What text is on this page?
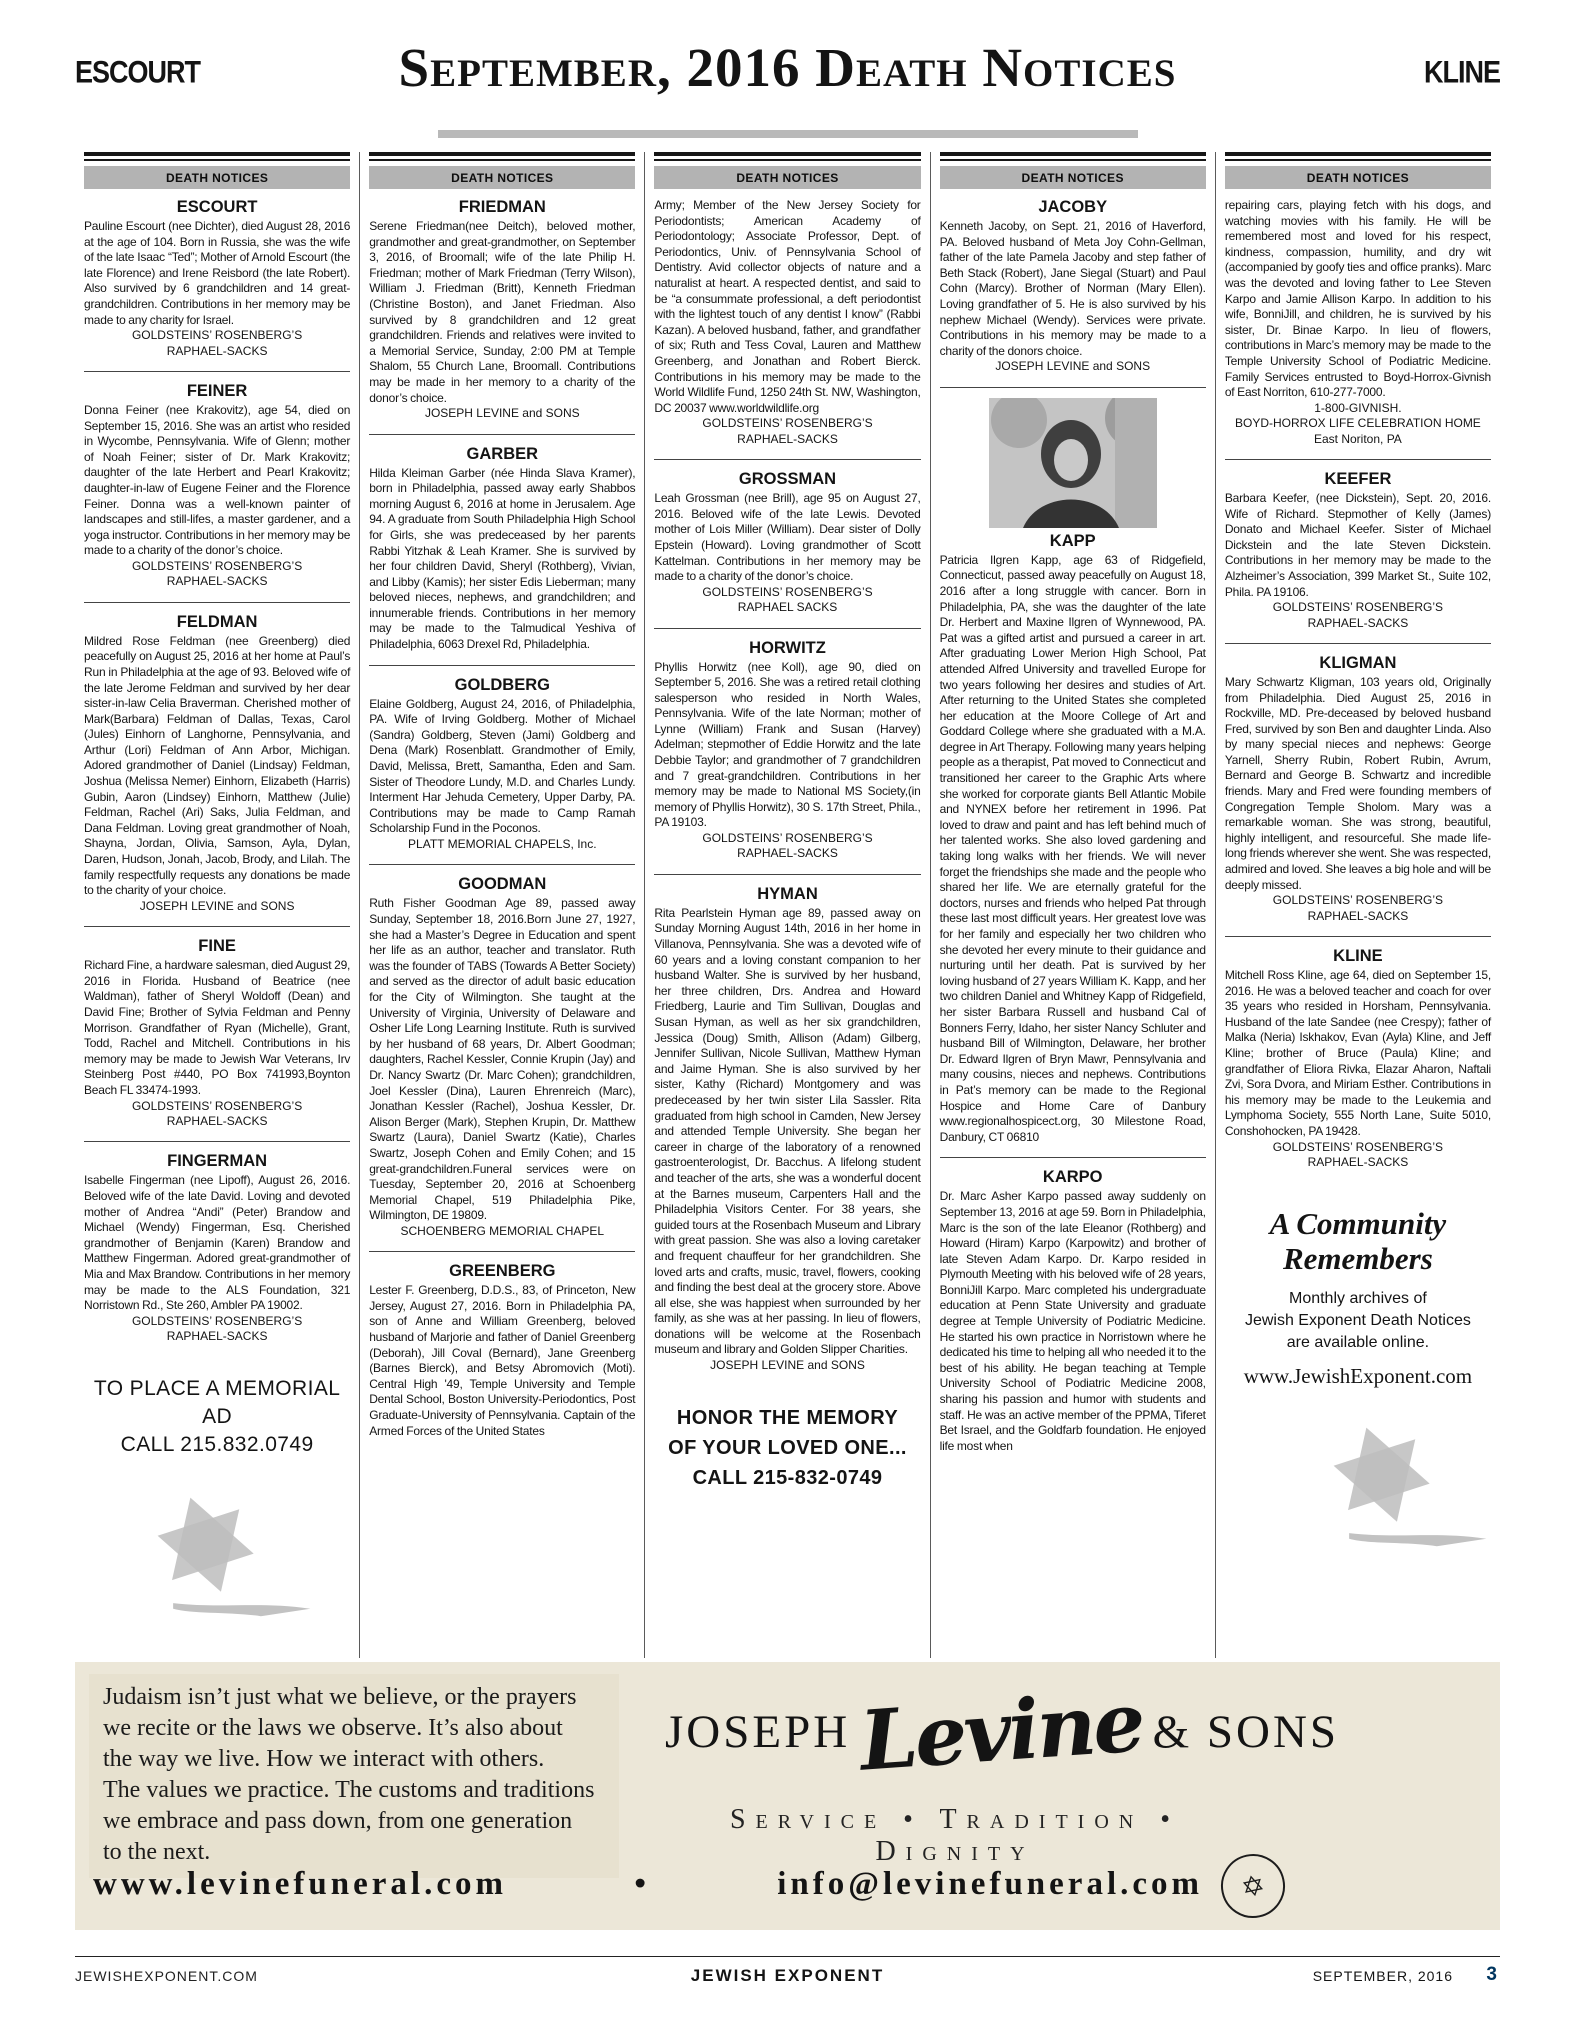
ESCOURT	September, 2016 Death Notices	KLINE
DEATH NOTICES
ESCOURT
Pauline Escourt (nee Dichter), died August 28, 2016 at the age of 104. Born in Russia, she was the wife of the late Isaac “Ted”; Mother of Arnold Escourt (the late Florence) and Irene Reisbord (the late Robert). Also survived by 6 grandchildren and 14 great-grandchildren. Contributions in her memory may be made to any charity for Israel.
GOLDSTEINS’ ROSENBERG’S
RAPHAEL-SACKS
FEINER
Donna Feiner (nee Krakovitz), age 54, died on September 15, 2016. She was an artist who resided in Wycombe, Pennsylvania. Wife of Glenn; mother of Noah Feiner; sister of Dr. Mark Krakovitz; daughter of the late Herbert and Pearl Krakovitz; daughter-in-law of Eugene Feiner and the Florence Feiner. Donna was a well-known painter of landscapes and still-lifes, a master gardener, and a yoga instructor. Contributions in her memory may be made to a charity of the donor’s choice.
GOLDSTEINS’ ROSENBERG’S
RAPHAEL-SACKS
FELDMAN
Mildred Rose Feldman (nee Greenberg) died peacefully on August 25, 2016 at her home at Paul’s Run in Philadelphia at the age of 93. Beloved wife of the late Jerome Feldman and survived by her dear sister-in-law Celia Braverman. Cherished mother of Mark(Barbara) Feldman of Dallas, Texas, Carol (Jules) Einhorn of Langhorne, Pennsylvania, and Arthur (Lori) Feldman of Ann Arbor, Michigan. Adored grandmother of Daniel (Lindsay) Feldman, Joshua (Melissa Nemer) Einhorn, Elizabeth (Harris) Gubin, Aaron (Lindsey) Einhorn, Matthew (Julie) Feldman, Rachel (Ari) Saks, Julia Feldman, and Dana Feldman. Loving great grandmother of Noah, Shayna, Jordan, Olivia, Samson, Ayla, Dylan, Daren, Hudson, Jonah, Jacob, Brody, and Lilah. The family respectfully requests any donations be made to the charity of your choice.
JOSEPH LEVINE and SONS
FINE
Richard Fine, a hardware salesman, died August 29, 2016 in Florida. Husband of Beatrice (nee Waldman), father of Sheryl Woldoff (Dean) and David Fine; Brother of Sylvia Feldman and Penny Morrison. Grandfather of Ryan (Michelle), Grant, Todd, Rachel and Mitchell. Contributions in his memory may be made to Jewish War Veterans, Irv Steinberg Post #440, PO Box 741993,Boynton Beach FL 33474-1993.
GOLDSTEINS’ ROSENBERG’S
RAPHAEL-SACKS
FINGERMAN
Isabelle Fingerman (nee Lipoff), August 26, 2016. Beloved wife of the late David. Loving and devoted mother of Andrea “Andi” (Peter) Brandow and Michael (Wendy) Fingerman, Esq. Cherished grandmother of Benjamin (Karen) Brandow and Matthew Fingerman. Adored great-grandmother of Mia and Max Brandow. Contributions in her memory may be made to the ALS Foundation, 321 Norristown Rd., Ste 260, Ambler PA 19002.
GOLDSTEINS’ ROSENBERG’S
RAPHAEL-SACKS
TO PLACE A MEMORIAL AD
CALL 215.832.0749
DEATH NOTICES
FRIEDMAN
Serene Friedman(nee Deitch), beloved mother, grandmother and great-grandmother, on September 3, 2016, of Broomall; wife of the late Philip H. Friedman; mother of Mark Friedman (Terry Wilson), William J. Friedman (Britt), Kenneth Friedman (Christine Boston), and Janet Friedman. Also survived by 8 grandchildren and 12 great grandchildren. Friends and relatives were invited to a Memorial Service, Sunday, 2:00 PM at Temple Shalom, 55 Church Lane, Broomall. Contributions may be made in her memory to a charity of the donor’s choice.
JOSEPH LEVINE and SONS
GARBER
Hilda Kleiman Garber (née Hinda Slava Kramer), born in Philadelphia, passed away early Shabbos morning August 6, 2016 at home in Jerusalem. Age 94. A graduate from South Philadelphia High School for Girls, she was predeceased by her parents Rabbi Yitzhak & Leah Kramer. She is survived by her four children David, Sheryl (Rothberg), Vivian, and Libby (Kamis); her sister Edis Lieberman; many beloved nieces, nephews, and grandchildren; and innumerable friends. Contributions in her memory may be made to the Talmudical Yeshiva of Philadelphia, 6063 Drexel Rd, Philadelphia.
GOLDBERG
Elaine Goldberg, August 24, 2016, of Philadelphia, PA. Wife of Irving Goldberg. Mother of Michael (Sandra) Goldberg, Steven (Jami) Goldberg and Dena (Mark) Rosenblatt. Grandmother of Emily, David, Melissa, Brett, Samantha, Eden and Sam. Sister of Theodore Lundy, M.D. and Charles Lundy. Interment Har Jehuda Cemetery, Upper Darby, PA. Contributions may be made to Camp Ramah Scholarship Fund in the Poconos.
PLATT MEMORIAL CHAPELS, Inc.
GOODMAN
Ruth Fisher Goodman Age 89, passed away Sunday, September 18, 2016.Born June 27, 1927, she had a Master’s Degree in Education and spent her life as an author, teacher and translator. Ruth was the founder of TABS (Towards A Better Society) and served as the director of adult basic education for the City of Wilmington. She taught at the University of Virginia, University of Delaware and Osher Life Long Learning Institute. Ruth is survived by her husband of 68 years, Dr. Albert Goodman; daughters, Rachel Kessler, Connie Krupin (Jay) and Dr. Nancy Swartz (Dr. Marc Cohen); grandchildren, Joel Kessler (Dina), Lauren Ehrenreich (Marc), Jonathan Kessler (Rachel), Joshua Kessler, Dr. Alison Berger (Mark), Stephen Krupin, Dr. Matthew Swartz (Laura), Daniel Swartz (Katie), Charles Swartz, Joseph Cohen and Emily Cohen; and 15 great-grandchildren.Funeral services were on Tuesday, September 20, 2016 at Schoenberg Memorial Chapel, 519 Philadelphia Pike, Wilmington, DE 19809.
SCHOENBERG MEMORIAL CHAPEL
GREENBERG
Lester F. Greenberg, D.D.S., 83, of Princeton, New Jersey, August 27, 2016. Born in Philadelphia PA, son of Anne and William Greenberg, beloved husband of Marjorie and father of Daniel Greenberg (Deborah), Jill Coval (Bernard), Jane Greenberg (Barnes Bierck), and Betsy Abromovich (Moti). Central High '49, Temple University and Temple Dental School, Boston University-Periodontics, Post Graduate-University of Pennsylvania. Captain of the Armed Forces of the United States
DEATH NOTICES
Army; Member of the New Jersey Society for Periodontists; American Academy of Periodontology; Associate Professor, Dept. of Periodontics, Univ. of Pennsylvania School of Dentistry. Avid collector objects of nature and a naturalist at heart. A respected dentist, and said to be “a consummate professional, a deft periodontist with the lightest touch of any dentist I know” (Rabbi Kazan). A beloved husband, father, and grandfather of six; Ruth and Tess Coval, Lauren and Matthew Greenberg, and Jonathan and Robert Bierck. Contributions in his memory may be made to the World Wildlife Fund, 1250 24th St. NW, Washington, DC 20037 www.worldwildlife.org
GOLDSTEINS’ ROSENBERG’S
RAPHAEL-SACKS
GROSSMAN
Leah Grossman (nee Brill), age 95 on August 27, 2016. Beloved wife of the late Lewis. Devoted mother of Lois Miller (William). Dear sister of Dolly Epstein (Howard). Loving grandmother of Scott Kattelman. Contributions in her memory may be made to a charity of the donor’s choice.
GOLDSTEINS’ ROSENBERG’S
RAPHAEL SACKS
HORWITZ
Phyllis Horwitz (nee Koll), age 90, died on September 5, 2016. She was a retired retail clothing salesperson who resided in North Wales, Pennsylvania. Wife of the late Norman; mother of Lynne (William) Frank and Susan (Harvey) Adelman; stepmother of Eddie Horwitz and the late Debbie Taylor; and grandmother of 7 grandchildren and 7 great-grandchildren. Contributions in her memory may be made to National MS Society,(in memory of Phyllis Horwitz), 30 S. 17th Street, Phila., PA 19103.
GOLDSTEINS’ ROSENBERG’S
RAPHAEL-SACKS
HYMAN
Rita Pearlstein Hyman age 89, passed away on Sunday Morning August 14th, 2016 in her home in Villanova, Pennsylvania. She was a devoted wife of 60 years and a loving constant companion to her husband Walter. She is survived by her husband, her three children, Drs. Andrea and Howard Friedberg, Laurie and Tim Sullivan, Douglas and Susan Hyman, as well as her six grandchildren, Jessica (Doug) Smith, Allison (Adam) Gilberg, Jennifer Sullivan, Nicole Sullivan, Matthew Hyman and Jaime Hyman. She is also survived by her sister, Kathy (Richard) Montgomery and was predeceased by her twin sister Lila Sassler. Rita graduated from high school in Camden, New Jersey and attended Temple University. She began her career in charge of the laboratory of a renowned gastroenterologist, Dr. Bacchus. A lifelong student and teacher of the arts, she was a wonderful docent at the Barnes museum, Carpenters Hall and the Philadelphia Visitors Center. For 38 years, she guided tours at the Rosenbach Museum and Library with great passion. She was also a loving caretaker and frequent chauffeur for her grandchildren. She loved arts and crafts, music, travel, flowers, cooking and finding the best deal at the grocery store. Above all else, she was happiest when surrounded by her family, as she was at her passing. In lieu of flowers, donations will be welcome at the Rosenbach museum and library and Golden Slipper Charities.
JOSEPH LEVINE and SONS
HONOR THE MEMORY
OF YOUR LOVED ONE...
CALL 215-832-0749
DEATH NOTICES
JACOBY
Kenneth Jacoby, on Sept. 21, 2016 of Haverford, PA. Beloved husband of Meta Joy Cohn-Gellman, father of the late Pamela Jacoby and step father of Beth Stack (Robert), Jane Siegal (Stuart) and Paul Cohn (Marcy). Brother of Norman (Mary Ellen). Loving grandfather of 5. He is also survived by his nephew Michael (Wendy). Services were private. Contributions in his memory may be made to a charity of the donors choice.
JOSEPH LEVINE and SONS
KAPP
Patricia Ilgren Kapp, age 63 of Ridgefield, Connecticut, passed away peacefully on August 18, 2016 after a long struggle with cancer. Born in Philadelphia, PA, she was the daughter of the late Dr. Herbert and Maxine Ilgren of Wynnewood, PA. Pat was a gifted artist and pursued a career in art. After graduating Lower Merion High School, Pat attended Alfred University and travelled Europe for two years following her desires and studies of Art. After returning to the United States she completed her education at the Moore College of Art and Goddard College where she graduated with a M.A. degree in Art Therapy. Following many years helping people as a therapist, Pat moved to Connecticut and transitioned her career to the Graphic Arts where she worked for corporate giants Bell Atlantic Mobile and NYNEX before her retirement in 1996. Pat loved to draw and paint and has left behind much of her talented works. She also loved gardening and taking long walks with her friends. We will never forget the friendships she made and the people who shared her life. We are eternally grateful for the doctors, nurses and friends who helped Pat through these last most difficult years. Her greatest love was for her family and especially her two children who she devoted her every minute to their guidance and nurturing until her death. Pat is survived by her loving husband of 27 years William K. Kapp, and her two children Daniel and Whitney Kapp of Ridgefield, her sister Barbara Russell and husband Cal of Bonners Ferry, Idaho, her sister Nancy Schluter and husband Bill of Wilmington, Delaware, her brother Dr. Edward Ilgren of Bryn Mawr, Pennsylvania and many cousins, nieces and nephews. Contributions in Pat’s memory can be made to the Regional Hospice and Home Care of Danbury www.regionalhospicect.org, 30 Milestone Road, Danbury, CT 06810
KARPO
Dr. Marc Asher Karpo passed away suddenly on September 13, 2016 at age 59. Born in Philadelphia, Marc is the son of the late Eleanor (Rothberg) and Howard (Hiram) Karpo (Karpowitz) and brother of late Steven Adam Karpo. Dr. Karpo resided in Plymouth Meeting with his beloved wife of 28 years, BonniJill Karpo. Marc completed his undergraduate education at Penn State University and graduate degree at Temple University of Podiatric Medicine. He started his own practice in Norristown where he dedicated his time to helping all who needed it to the best of his ability. He began teaching at Temple University School of Podiatric Medicine 2008, sharing his passion and humor with students and staff. He was an active member of the PPMA, Tiferet Bet Israel, and the Goldfarb foundation. He enjoyed life most when
DEATH NOTICES
repairing cars, playing fetch with his dogs, and watching movies with his family. He will be remembered most and loved for his respect, kindness, compassion, humility, and dry wit (accompanied by goofy ties and office pranks). Marc was the devoted and loving father to Lee Steven Karpo and Jamie Allison Karpo. In addition to his wife, BonniJill, and children, he is survived by his sister, Dr. Binae Karpo. In lieu of flowers, contributions in Marc’s memory may be made to the Temple University School of Podiatric Medicine. Family Services entrusted to Boyd-Horrox-Givnish of East Norriton, 610-277-7000.
1-800-GIVNISH.
BOYD-HORROX LIFE CELEBRATION HOME
East Noriton, PA
KEEFER
Barbara Keefer, (nee Dickstein), Sept. 20, 2016. Wife of Richard. Stepmother of Kelly (James) Donato and Michael Keefer. Sister of Michael Dickstein and the late Steven Dickstein. Contributions in her memory may be made to the Alzheimer’s Association, 399 Market St., Suite 102, Phila. PA 19106.
GOLDSTEINS’ ROSENBERG’S
RAPHAEL-SACKS
KLIGMAN
Mary Schwartz Kligman, 103 years old, Originally from Philadelphia. Died August 25, 2016 in Rockville, MD. Pre-deceased by beloved husband Fred, survived by son Ben and daughter Linda. Also by many special nieces and nephews: George Yarnell, Sherry Rubin, Robert Rubin, Avrum, Bernard and George B. Schwartz and incredible friends. Mary and Fred were founding members of Congregation Temple Sholom. Mary was a remarkable woman. She was strong, beautiful, highly intelligent, and resourceful. She made life-long friends wherever she went. She was respected, admired and loved. She leaves a big hole and will be deeply missed.
GOLDSTEINS’ ROSENBERG’S
RAPHAEL-SACKS
KLINE
Mitchell Ross Kline, age 64, died on September 15, 2016. He was a beloved teacher and coach for over 35 years who resided in Horsham, Pennsylvania. Husband of the late Sandee (nee Crespy); father of Malka (Neria) Iskhakov, Evan (Ayla) Kline, and Jeff Kline; brother of Bruce (Paula) Kline; and grandfather of Eliora Rivka, Elazar Aharon, Naftali Zvi, Sora Dvora, and Miriam Esther. Contributions in his memory may be made to the Leukemia and Lymphoma Society, 555 North Lane, Suite 5010, Conshohocken, PA 19428.
GOLDSTEINS’ ROSENBERG’S
RAPHAEL-SACKS
A Community Remembers
Monthly archives of
Jewish Exponent Death Notices
are available online.
www.JewishExponent.com
Judaism isn’t just what we believe, or the prayers
we recite or the laws we observe. It’s also about
the way we live. How we interact with others.
The values we practice. The customs and traditions
we embrace and pass down, from one generation
to the next.
JOSEPH Levine & SONS
Service • Tradition • Dignity
www.levinefuneral.com	•	info@levinefuneral.com ✡
JEWISHEXPONENT.COM	JEWISH EXPONENT	SEPTEMBER, 2016 3
